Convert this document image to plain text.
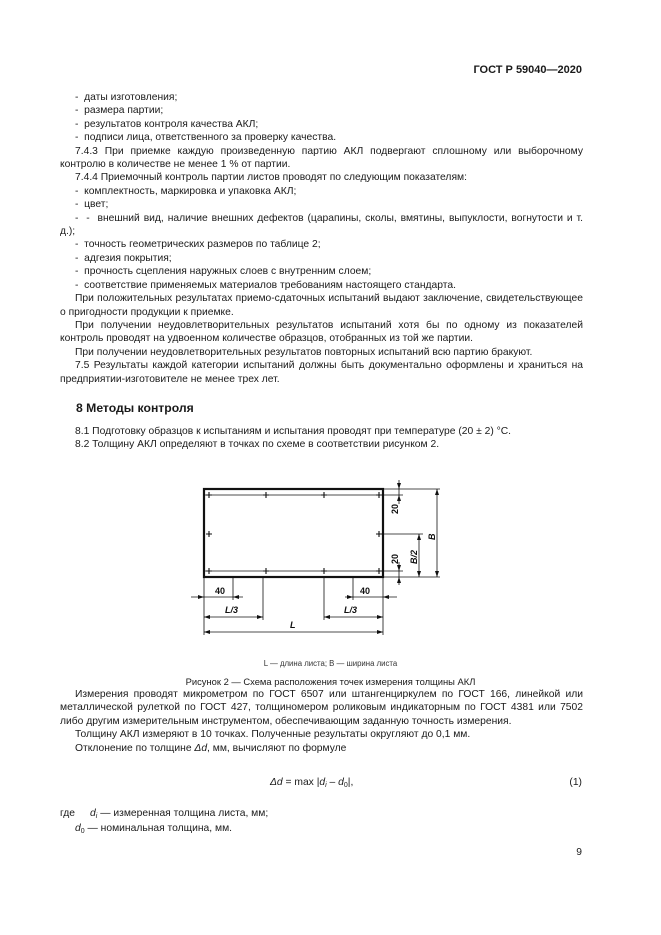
ГОСТ Р 59040—2020

-  даты изготовления;

-  размера партии;

-  результатов контроля качества АКЛ;

-  подписи лица, ответственного за проверку качества.

7.4.3 При приемке каждую произведенную партию АКЛ подвергают сплошному или выборочному контролю в количестве не менее 1 % от партии.

7.4.4 Приемочный контроль партии листов проводят по следующим показателям:

-  комплектность, маркировка и упаковка АКЛ;

-  цвет;

-  -  внешний вид, наличие внешних дефектов (царапины, сколы, вмятины, выпуклости, вогнутости и т. д.);

-  точность геометрических размеров по таблице 2;

-  адгезия покрытия;

-  прочность сцепления наружных слоев с внутренним слоем;

-  соответствие применяемых материалов требованиям настоящего стандарта.

При положительных результатах приемо-сдаточных испытаний выдают заключение, свидетельствующее о пригодности продукции к приемке.

При получении неудовлетворительных результатов испытаний хотя бы по одному из показателей контроль проводят на удвоенном количестве образцов, отобранных из той же партии.

При получении неудовлетворительных результатов повторных испытаний всю партию бракуют.

7.5 Результаты каждой категории испытаний должны быть документально оформлены и храниться на предприятии-изготовителе не менее трех лет.

8 Методы контроля

8.1 Подготовку образцов к испытаниям и испытания проводят при температуре (20 ± 2) °С.

8.2 Толщину АКЛ определяют в точках по схеме в соответствии рисунком 2.

40	40
L/3	L/3
L
20
20 B/2
B
L — длина листа; В — ширина листа
Рисунок 2 — Схема расположения точек измерения толщины АКЛ

Измерения проводят микрометром по ГОСТ 6507 или штангенциркулем по ГОСТ 166, линейкой или металлической рулеткой по ГОСТ 427, толщиномером роликовым индикаторным по ГОСТ 4381 или 7502 либо другим измерительным инструментом, обеспечивающим заданную точность измерения.

Толщину АКЛ измеряют в 10 точках. Полученные результаты округляют до 0,1 мм.

Отклонение по толщине Δd, мм, вычисляют по формуле

$\Delta d = \max |d_i - d_0|$,	(1)
где $d_i$ — измеренная толщина листа, мм;
$d_0$ — номинальная толщина, мм.
9
